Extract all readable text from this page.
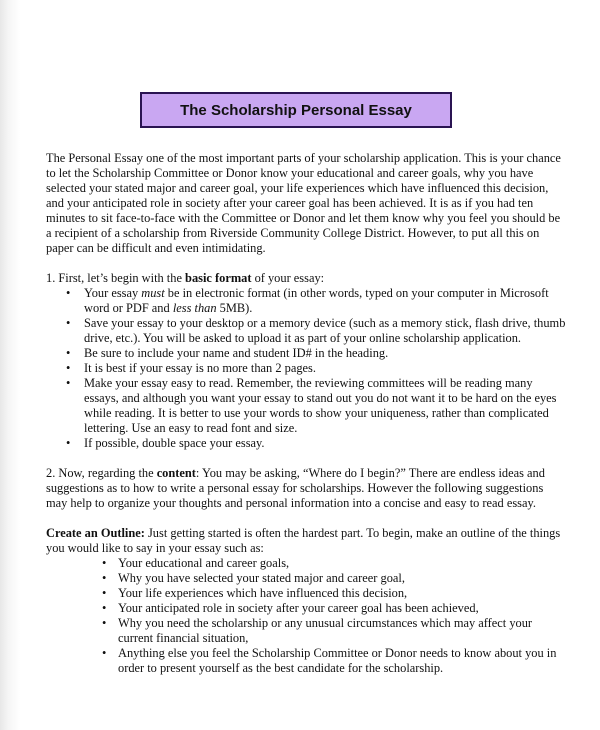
The Scholarship Personal Essay

The Personal Essay one of the most important parts of your scholarship application. This is your chance to let the Scholarship Committee or Donor know your educational and career goals, why you have selected your stated major and career goal, your life experiences which have influenced this decision, and your anticipated role in society after your career goal has been achieved. It is as if you had ten minutes to sit face-to-face with the Committee or Donor and let them know why you feel you should be a recipient of a scholarship from Riverside Community College District. However, to put all this on paper can be difficult and even intimidating.

1. First, let’s begin with the basic format of your essay:

• Your essay must be in electronic format (in other words, typed on your computer in Microsoft word or PDF and less than 5MB).
• Save your essay to your desktop or a memory device (such as a memory stick, flash drive, thumb drive, etc.). You will be asked to upload it as part of your online scholarship application.
• Be sure to include your name and student ID# in the heading.
• It is best if your essay is no more than 2 pages.
• Make your essay easy to read. Remember, the reviewing committees will be reading many essays, and although you want your essay to stand out you do not want it to be hard on the eyes while reading. It is better to use your words to show your uniqueness, rather than complicated lettering. Use an easy to read font and size.
• If possible, double space your essay.

2. Now, regarding the content: You may be asking, “Where do I begin?” There are endless ideas and suggestions as to how to write a personal essay for scholarships. However the following suggestions may help to organize your thoughts and personal information into a concise and easy to read essay.

Create an Outline: Just getting started is often the hardest part. To begin, make an outline of the things you would like to say in your essay such as:

• Your educational and career goals,
• Why you have selected your stated major and career goal,
• Your life experiences which have influenced this decision,
• Your anticipated role in society after your career goal has been achieved,
• Why you need the scholarship or any unusual circumstances which may affect your current financial situation,
• Anything else you feel the Scholarship Committee or Donor needs to know about you in order to present yourself as the best candidate for the scholarship.
